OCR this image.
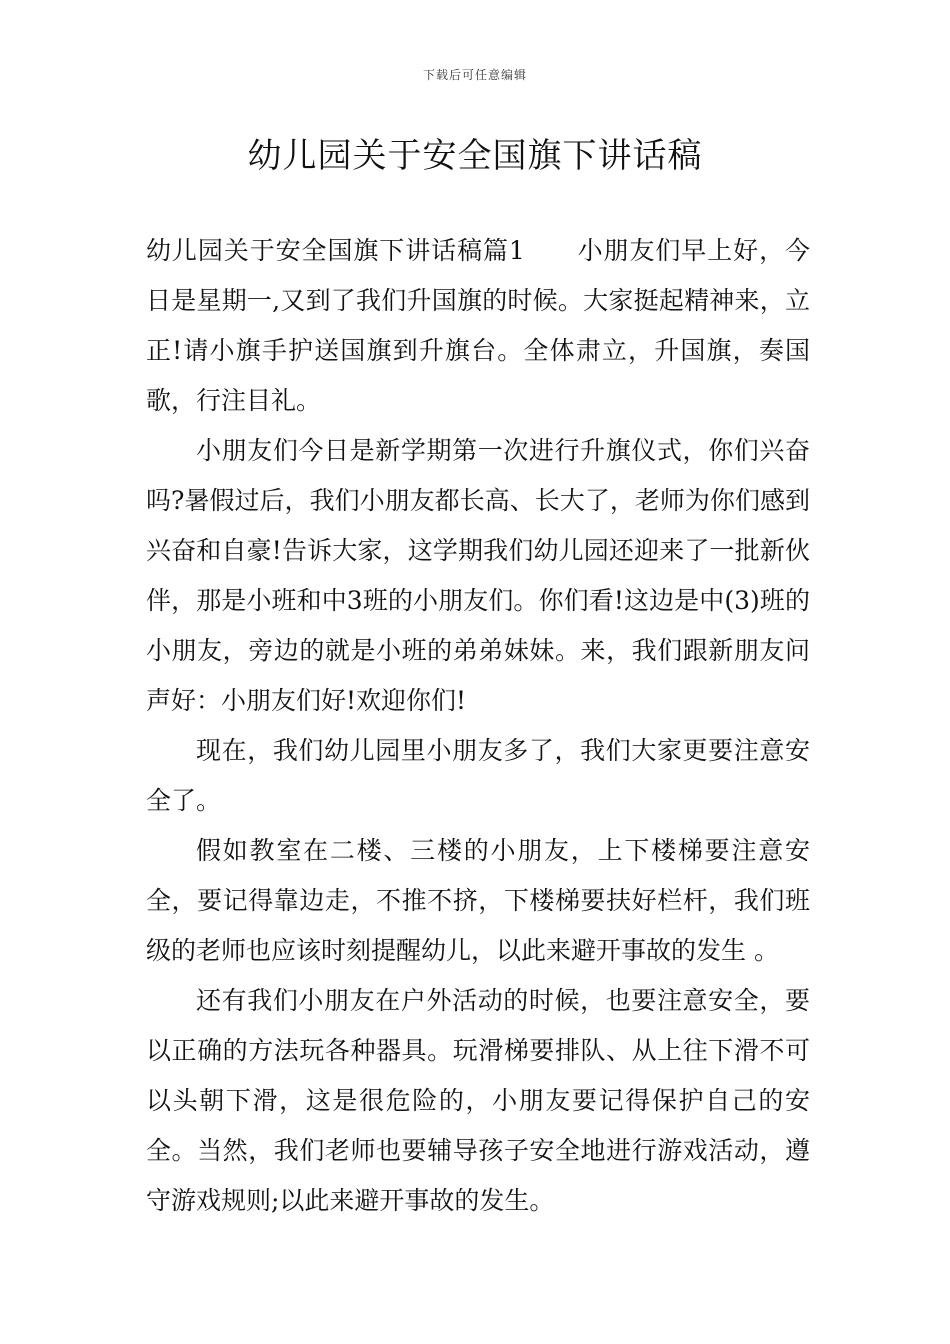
下载后可任意编辑
幼儿园关于安全国旗下讲话稿

幼儿园关于安全国旗下讲话稿篇1　　小朋友们早上好，今日是星期一,又到了我们升国旗的时候。大家挺起精神来，立正!请小旗手护送国旗到升旗台。全体肃立，升国旗，奏国歌，行注目礼。

小朋友们今日是新学期第一次进行升旗仪式，你们兴奋吗?暑假过后，我们小朋友都长高、长大了，老师为你们感到兴奋和自豪!告诉大家，这学期我们幼儿园还迎来了一批新伙伴，那是小班和中3班的小朋友们。你们看!这边是中(3)班的小朋友，旁边的就是小班的弟弟妹妹。来，我们跟新朋友问声好：小朋友们好!欢迎你们!

现在，我们幼儿园里小朋友多了，我们大家更要注意安全了。

假如教室在二楼、三楼的小朋友，上下楼梯要注意安全，要记得靠边走，不推不挤，下楼梯要扶好栏杆，我们班级的老师也应该时刻提醒幼儿，以此来避开事故的发生 。

还有我们小朋友在户外活动的时候，也要注意安全，要以正确的方法玩各种器具。玩滑梯要排队、从上往下滑不可以头朝下滑，这是很危险的，小朋友要记得保护自己的安全。当然，我们老师也要辅导孩子安全地进行游戏活动，遵守游戏规则;以此来避开事故的发生。
